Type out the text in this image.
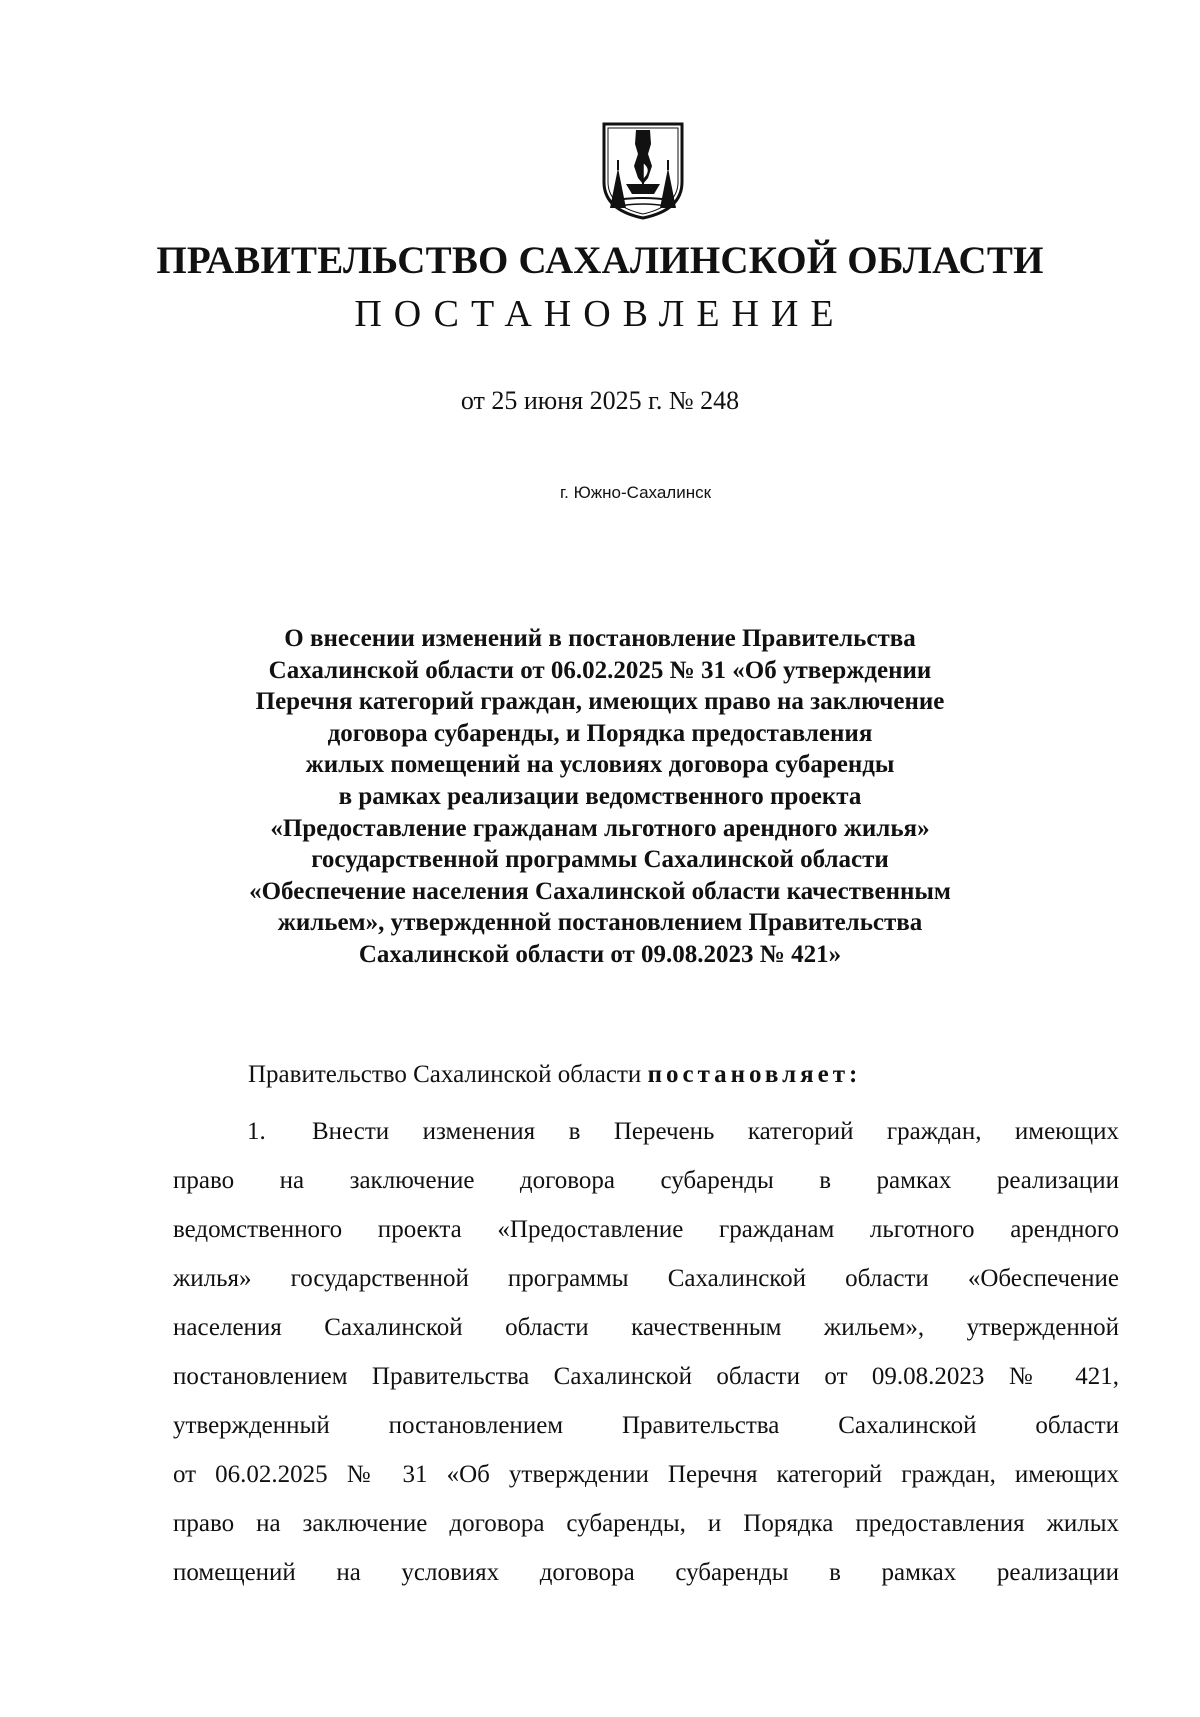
ПРАВИТЕЛЬСТВО САХАЛИНСКОЙ ОБЛАСТИ
ПОСТАНОВЛЕНИЕ
от 25 июня 2025 г. № 248
г. Южно-Сахалинск
О внесении изменений в постановление Правительства
Сахалинской области от 06.02.2025 № 31 «Об утверждении
Перечня категорий граждан, имеющих право на заключение
договора субаренды, и Порядка предоставления
жилых помещений на условиях договора субаренды
в рамках реализации ведомственного проекта
«Предоставление гражданам льготного арендного жилья»
государственной программы Сахалинской области
«Обеспечение населения Сахалинской области качественным
жильем», утвержденной постановлением Правительства
Сахалинской области от 09.08.2023 № 421»
Правительство Сахалинской области постановляет:
1.	Внести изменения в Перечень категорий граждан, имеющих
право на заключение договора субаренды в рамках реализации
ведомственного проекта «Предоставление гражданам льготного арендного
жилья» государственной программы Сахалинской области «Обеспечение
населения Сахалинской области качественным жильем», утвержденной
постановлением Правительства Сахалинской области от 09.08.2023 № 421,
утвержденный постановлением Правительства Сахалинской области
от 06.02.2025 № 31 «Об утверждении Перечня категорий граждан, имеющих
право на заключение договора субаренды, и Порядка предоставления жилых
помещений на условиях договора субаренды в рамках реализации
